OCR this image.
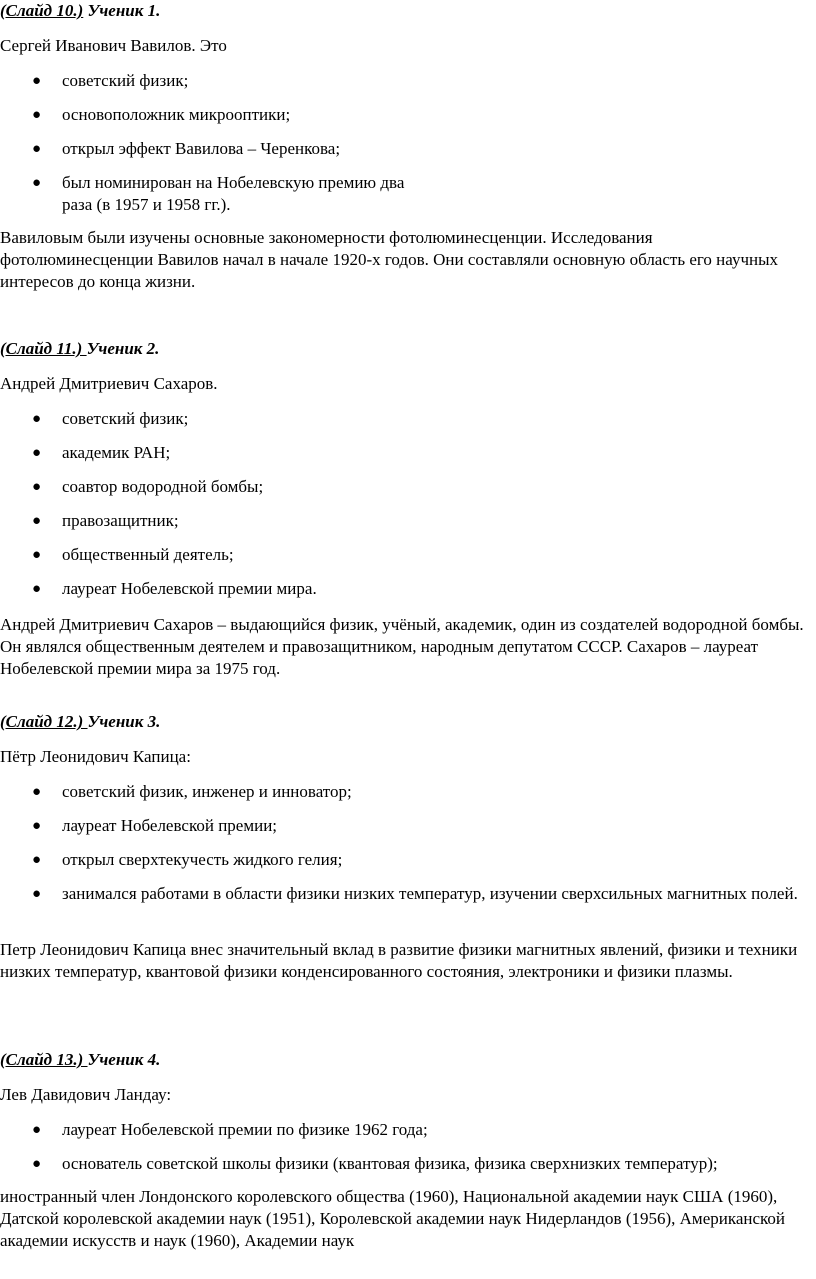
(Слайд 10.) Ученик 1.
Сергей Иванович Вавилов. Это
● советский физик;
● основоположник микрооптики;
● открыл эффект Вавилова – Черенкова;
● был номинирован на Нобелевскую премию два раза (в 1957 и 1958 гг.).
Вавиловым были изучены основные закономерности фотолюминесценции. Исследования фотолюминесценции Вавилов начал в начале 1920-х годов. Они составляли основную область его научных интересов до конца жизни.
(Слайд 11.) Ученик 2.
Андрей Дмитриевич Сахаров.
● советский физик;
● академик РАН;
● соавтор водородной бомбы;
● правозащитник;
● общественный деятель;
● лауреат Нобелевской премии мира.
Андрей Дмитриевич Сахаров – выдающийся физик, учёный, академик, один из создателей водородной бомбы. Он являлся общественным деятелем и правозащитником, народным депутатом СССР. Сахаров – лауреат Нобелевской премии мира за 1975 год.
(Слайд 12.) Ученик 3.
Пётр Леонидович Капица:
● советский физик, инженер и инноватор;
● лауреат Нобелевской премии;
● открыл сверхтекучесть жидкого гелия;
● занимался работами в области физики низких температур, изучении сверхсильных магнитных полей.
Петр Леонидович Капица внес значительный вклад в развитие физики магнитных явлений, физики и техники низких температур, квантовой физики конденсированного состояния, электроники и физики плазмы.
(Слайд 13.) Ученик 4.
Лев Давидович Ландау:
● лауреат Нобелевской премии по физике 1962 года;
● основатель советской школы физики (квантовая физика, физика сверхнизких температур);
иностранный член Лондонского королевского общества (1960), Национальной академии наук США (1960), Датской королевской академии наук (1951), Королевской академии наук Нидерландов (1956), Американской академии искусств и наук (1960), Академии наук
